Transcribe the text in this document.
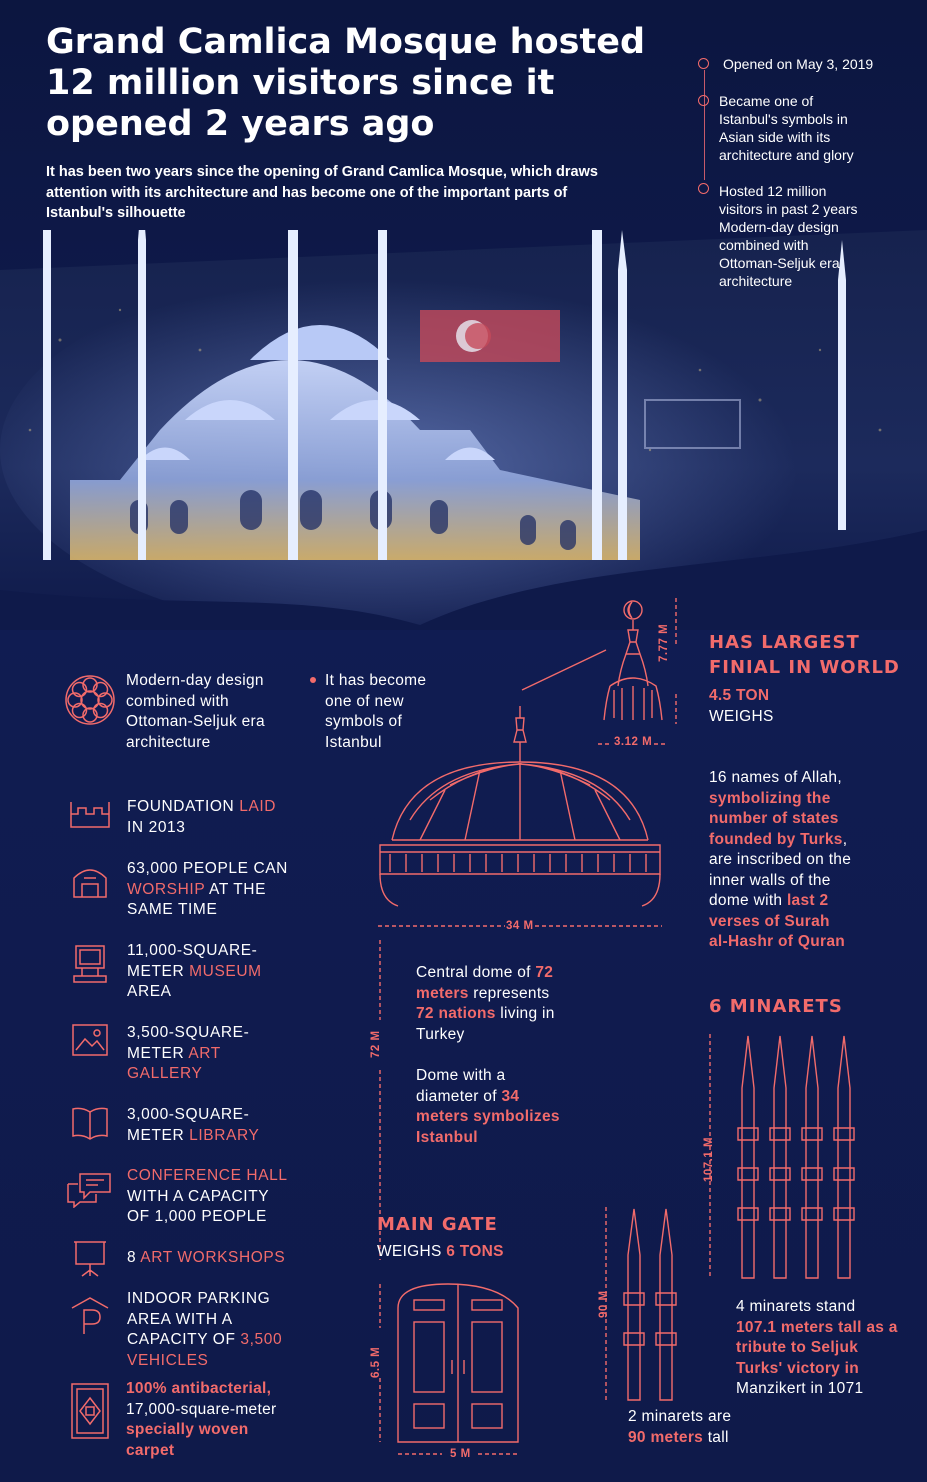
Grand Camlica Mosque hosted 12 million visitors since it opened 2 years ago

It has been two years since the opening of Grand Camlica Mosque, which draws attention with its architecture and has become one of the important parts of Istanbul's silhouette

Opened on May 3, 2019
Became one of Istanbul's symbols in Asian side with its architecture and glory
Hosted 12 million visitors in past 2 years Modern-day design combined with Ottoman-Seljuk era architecture
Modern-day design combined with Ottoman-Seljuk era architecture
It has become one of new symbols of Istanbul
FOUNDATION LAID
IN 2013
63,000 PEOPLE CAN
WORSHIP AT THE
SAME TIME
11,000-SQUARE-
METER MUSEUM
AREA
3,500-SQUARE-
METER ART
GALLERY
3,000-SQUARE-
METER LIBRARY
CONFERENCE HALL
WITH A CAPACITY
OF 1,000 PEOPLE
8 ART WORKSHOPS
INDOOR PARKING
AREA WITH A
CAPACITY OF 3,500
VEHICLES
100% antibacterial,
17,000-square-meter
specially woven
carpet
34 M
3.12 M
7.77 M
72 M
HAS LARGEST
FINIAL IN WORLD
4.5 TON
WEIGHS
16 names of Allah,
symbolizing the
number of states
founded by Turks,
are inscribed on the
inner walls of the
dome with last 2
verses of Surah
al-Hashr of Quran
Central dome of 72
meters represents
72 nations living in
Turkey
Dome with a
diameter of 34
meters symbolizes
Istanbul
6 MINARETS
107.1 M
90 M	4 minarets stand
107.1 meters tall as a
tribute to Seljuk
Turks' victory in
Manzikert in 1071
2 minarets are
90 meters tall
MAIN GATE
WEIGHS 6 TONS
6.5 M
5 M
